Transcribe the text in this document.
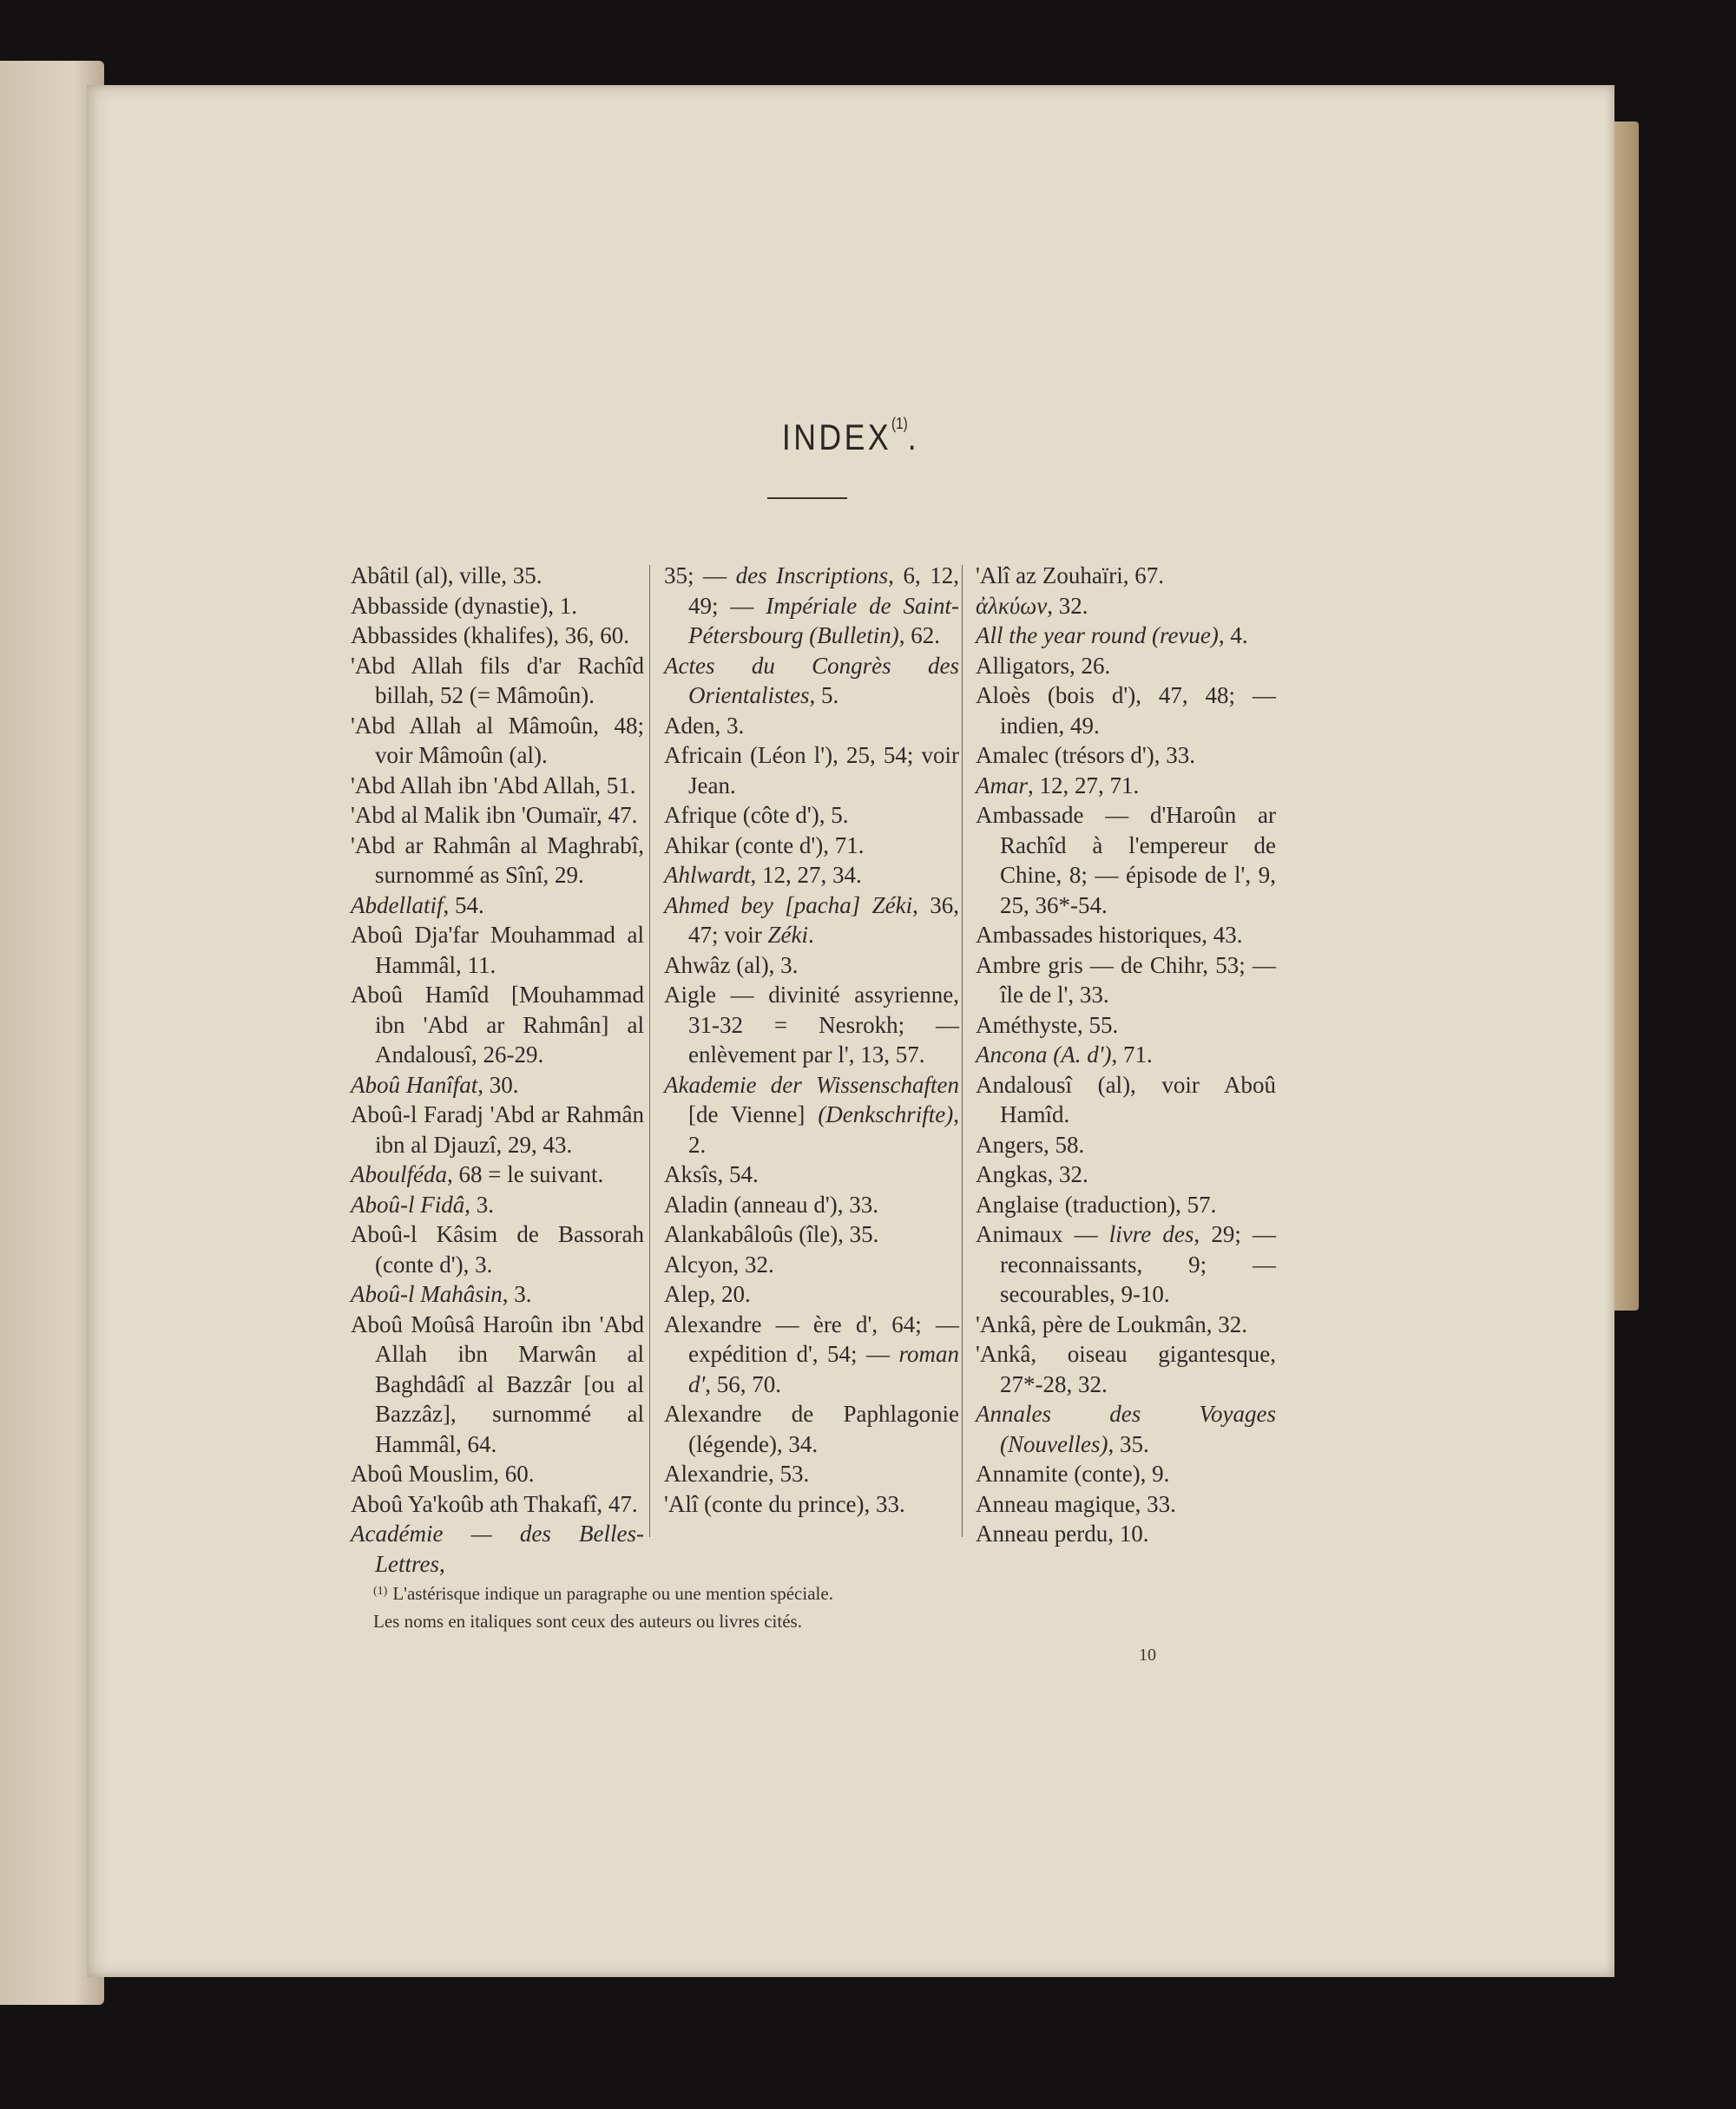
INDEX$^{(1)}$.
Abâtil (al), ville, 35.
Abbasside (dynastie), 1.
Abbassides (khalifes), 36, 60.
'Abd Allah fils d'ar Rachîd billah, 52 (= Mâmoûn).
'Abd Allah al Mâmoûn, 48; voir Mâmoûn (al).
'Abd Allah ibn 'Abd Allah, 51.
'Abd al Malik ibn 'Oumaïr, 47.
'Abd ar Rahmân al Maghrabî, surnommé as Sînî, 29.
Abdellatif, 54.
Aboû Dja'far Mouhammad al Hammâl, 11.
Aboû Hamîd [Mouhammad ibn 'Abd ar Rahmân] al Andalousî, 26-29.
Aboû Hanîfat, 30.
Aboû-l Faradj 'Abd ar Rahmân ibn al Djauzî, 29, 43.
Aboulféda, 68 = le suivant.
Aboû-l Fidâ, 3.
Aboû-l Kâsim de Bassorah (conte d'), 3.
Aboû-l Mahâsin, 3.
Aboû Moûsâ Haroûn ibn 'Abd Allah ibn Marwân al Baghdâdî al Bazzâr [ou al Bazzâz], surnommé al Hammâl, 64.
Aboû Mouslim, 60.
Aboû Ya'koûb ath Thakafî, 47.
Académie — des Belles-Lettres,
35; — des Inscriptions, 6, 12, 49; — Impériale de Saint-Pétersbourg (Bulletin), 62.
Actes du Congrès des Orientalistes, 5.
Aden, 3.
Africain (Léon l'), 25, 54; voir Jean.
Afrique (côte d'), 5.
Ahikar (conte d'), 71.
Ahlwardt, 12, 27, 34.
Ahmed bey [pacha] Zéki, 36, 47; voir Zéki.
Ahwâz (al), 3.
Aigle — divinité assyrienne, 31-32 = Nesrokh; — enlèvement par l', 13, 57.
Akademie der Wissenschaften [de Vienne] (Denkschrifte), 2.
Aksîs, 54.
Aladin (anneau d'), 33.
Alankabâloûs (île), 35.
Alcyon, 32.
Alep, 20.
Alexandre — ère d', 64; — expédition d', 54; — roman d', 56, 70.
Alexandre de Paphlagonie (légende), 34.
Alexandrie, 53.
'Alî (conte du prince), 33.
'Alî az Zouhaïri, 67.
ἀλκύων, 32.
All the year round (revue), 4.
Alligators, 26.
Aloès (bois d'), 47, 48; — indien, 49.
Amalec (trésors d'), 33.
Amar, 12, 27, 71.
Ambassade — d'Haroûn ar Rachîd à l'empereur de Chine, 8; — épisode de l', 9, 25, 36*-54.
Ambassades historiques, 43.
Ambre gris — de Chihr, 53; — île de l', 33.
Améthyste, 55.
Ancona (A. d'), 71.
Andalousî (al), voir Aboû Hamîd.
Angers, 58.
Angkas, 32.
Anglaise (traduction), 57.
Animaux — livre des, 29; — reconnaissants, 9; — secourables, 9-10.
'Ankâ, père de Loukmân, 32.
'Ankâ, oiseau gigantesque, 27*-28, 32.
Annales des Voyages (Nouvelles), 35.
Annamite (conte), 9.
Anneau magique, 33.
Anneau perdu, 10.
$^{(1)}$ L'astérisque indique un paragraphe ou une mention spéciale.
Les noms en italiques sont ceux des auteurs ou livres cités.
10
